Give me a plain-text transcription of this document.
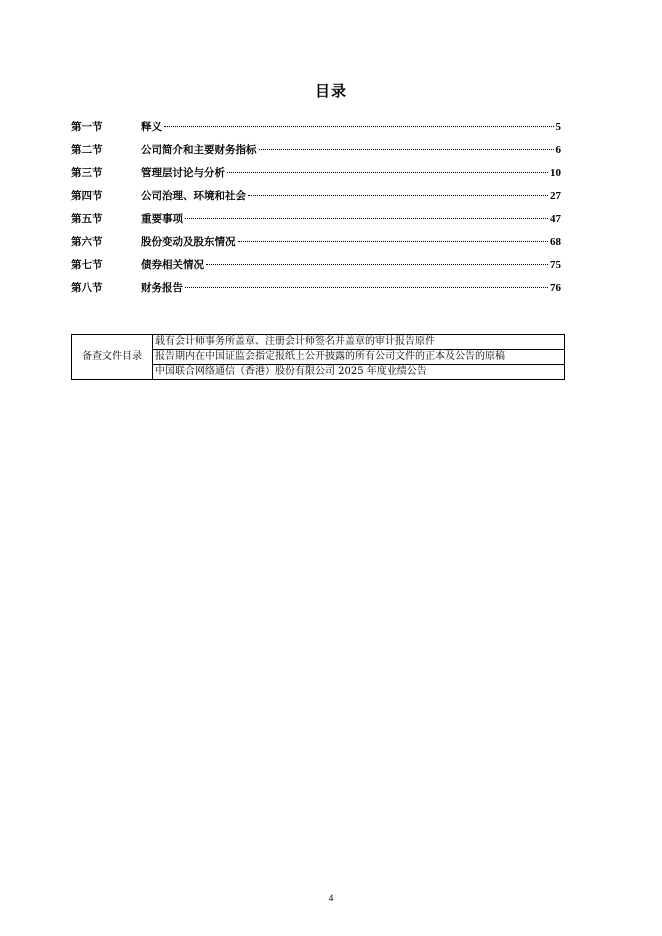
目录
第一节	释义	5
第二节	公司简介和主要财务指标	6
第三节	管理层讨论与分析	10
第四节	公司治理、环境和社会	27
第五节	重要事项	47
第六节	股份变动及股东情况	68
第七节	债券相关情况	75
第八节	财务报告	76
备查文件目录	载有会计师事务所盖章、注册会计师签名并盖章的审计报告原件
报告期内在中国证监会指定报纸上公开披露的所有公司文件的正本及公告的原稿
中国联合网络通信（香港）股份有限公司 2025 年度业绩公告
4
